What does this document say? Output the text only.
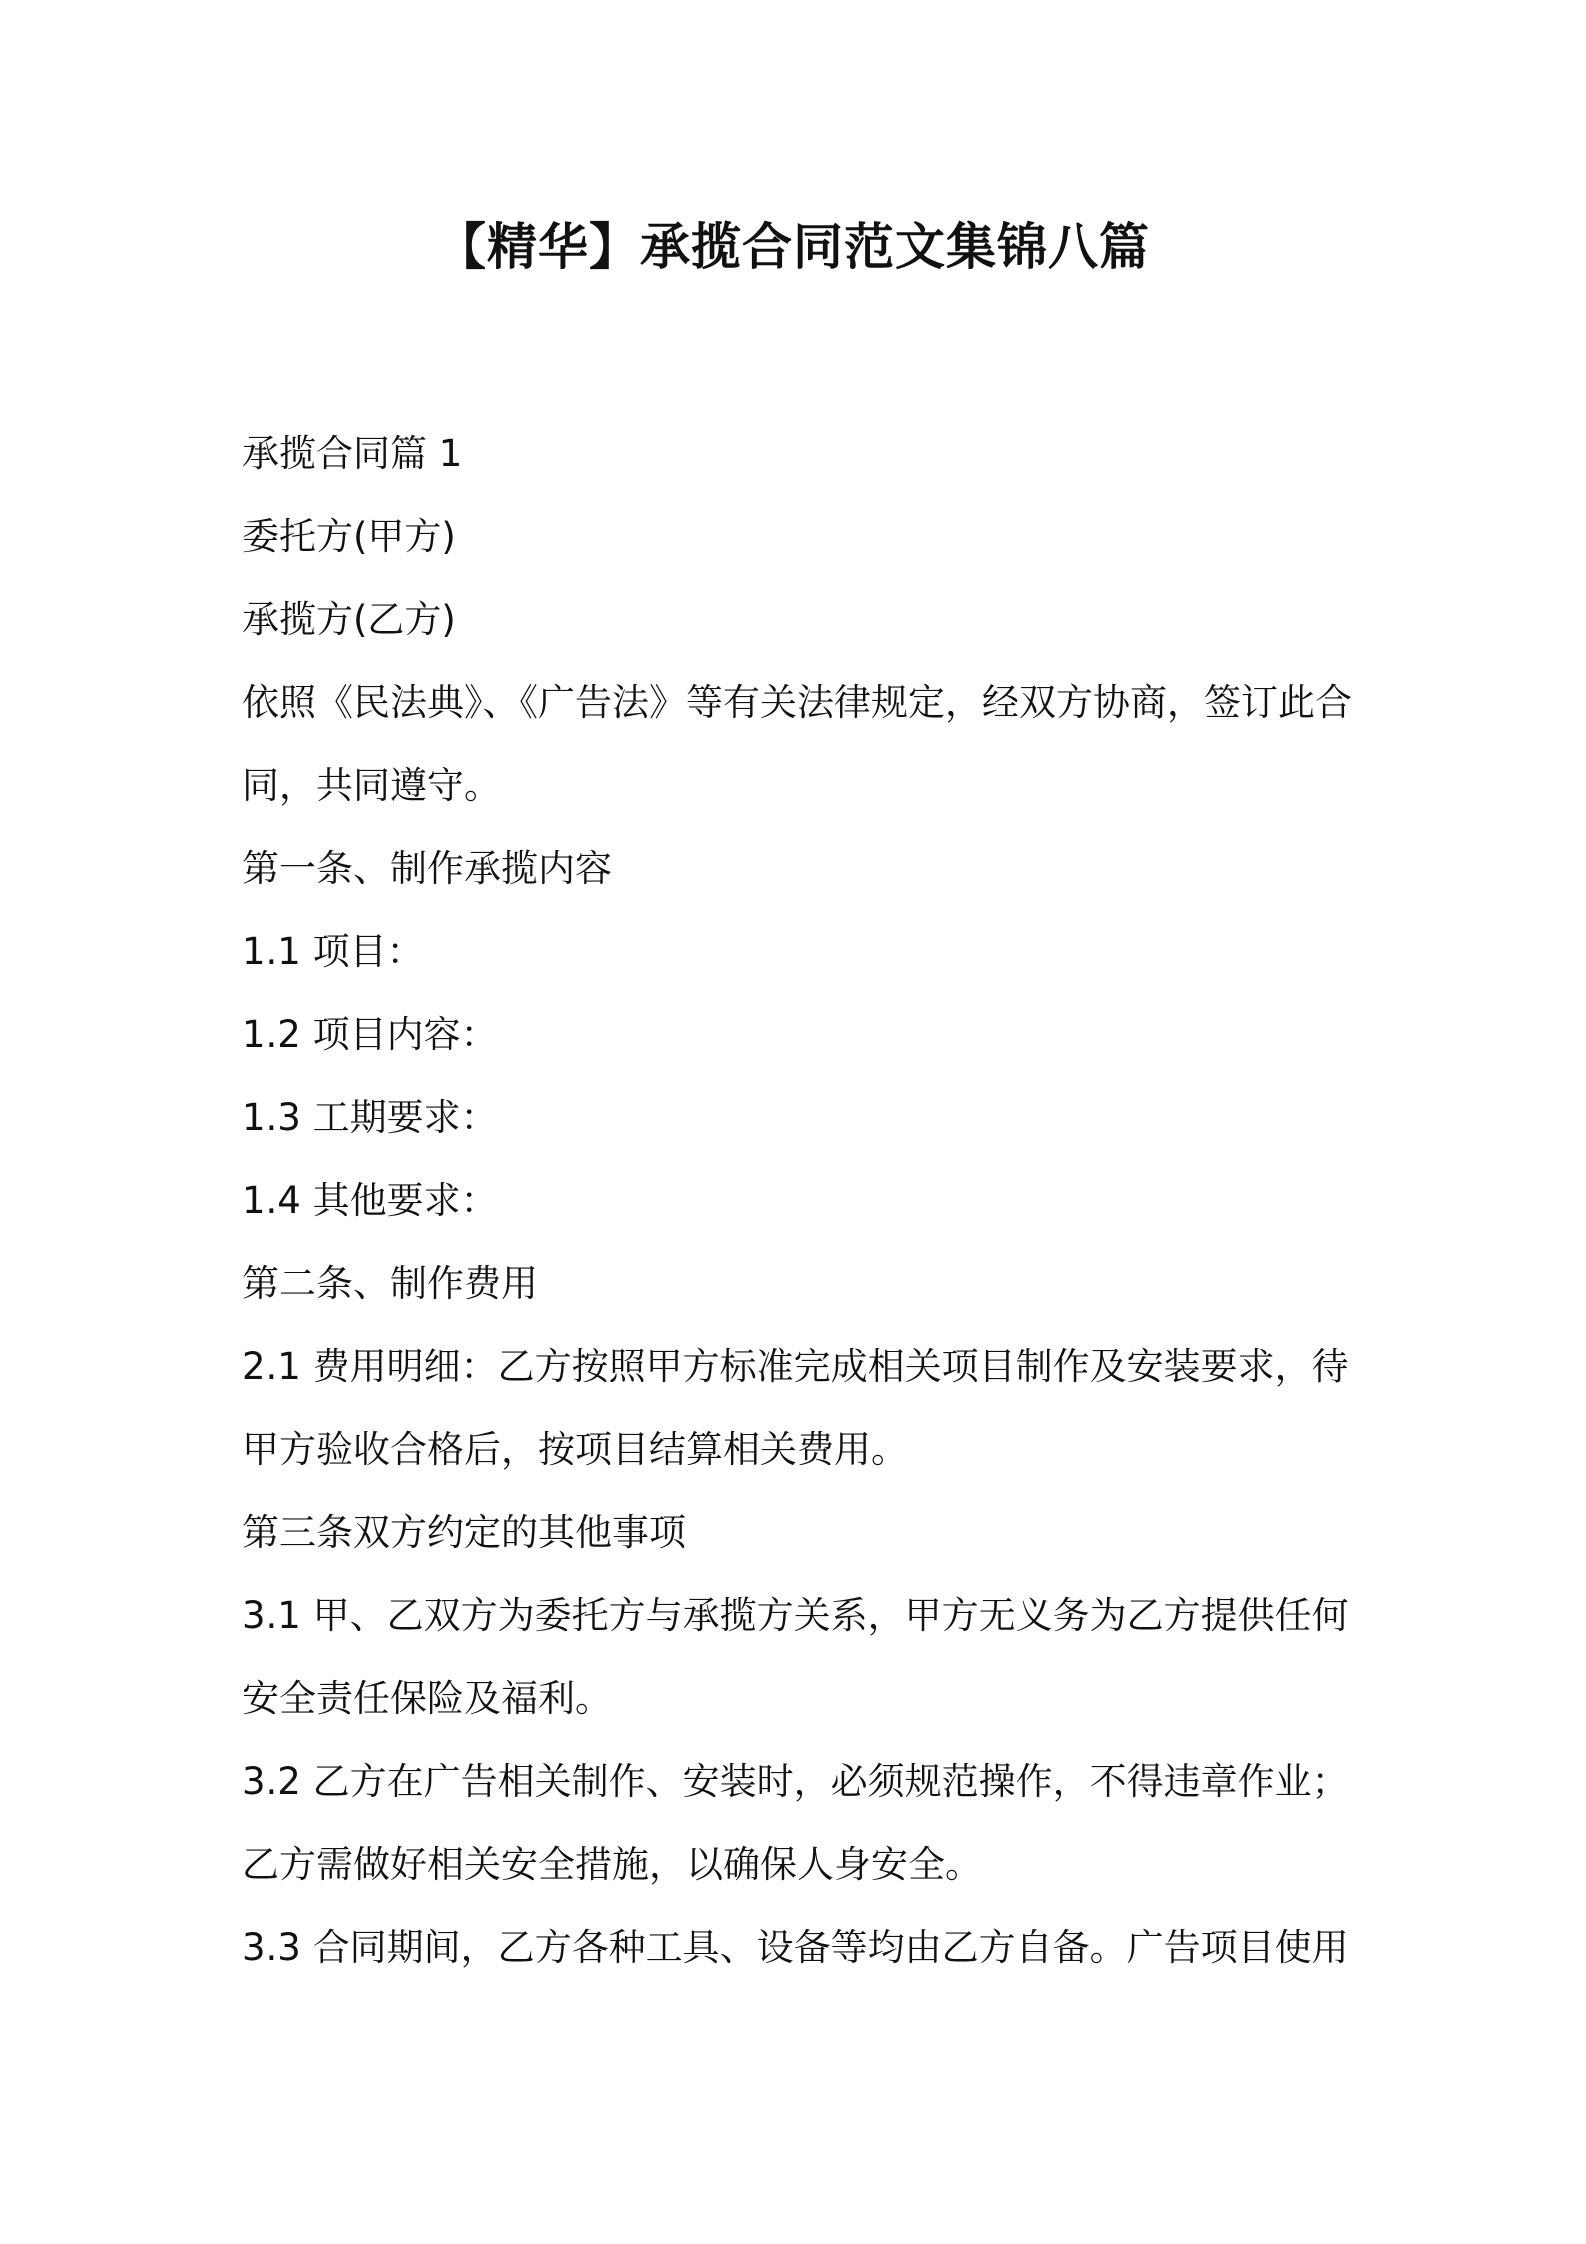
【精华】承揽合同范文集锦八篇

承揽合同篇 1

委托方(甲方)

承揽方(乙方)

依照《民法典》、《广告法》等有关法律规定，经双方协商，签订此合

同，共同遵守。

第一条、制作承揽内容

1.1 项目：

1.2 项目内容：

1.3 工期要求：

1.4 其他要求：

第二条、制作费用

2.1 费用明细：乙方按照甲方标准完成相关项目制作及安装要求，待

甲方验收合格后，按项目结算相关费用。

第三条双方约定的其他事项

3.1 甲、乙双方为委托方与承揽方关系，甲方无义务为乙方提供任何

安全责任保险及福利。

3.2 乙方在广告相关制作、安装时，必须规范操作，不得违章作业；

乙方需做好相关安全措施，以确保人身安全。

3.3 合同期间，乙方各种工具、设备等均由乙方自备。广告项目使用
